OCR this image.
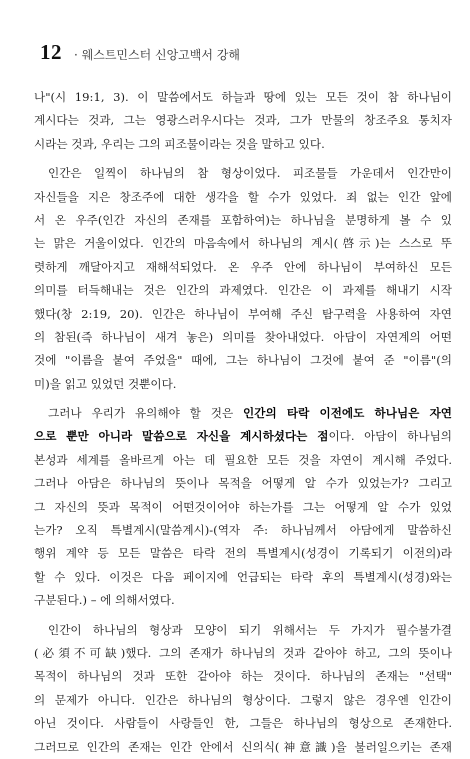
12 · 웨스트민스터 신앙고백서 강해
나"(시 19:1, 3). 이 말씀에서도 하늘과 땅에 있는 모든 것이 참 하나님이
계시다는 것과, 그는 영광스러우시다는 것과, 그가 만물의 창조주요 통치자
시라는 것과, 우리는 그의 피조물이라는 것을 말하고 있다.
인간은 일찍이 하나님의 참 형상이었다. 피조물들 가운데서 인간만이
자신들을 지은 창조주에 대한 생각을 할 수가 있었다. 죄 없는 인간 앞에
서 온 우주(인간 자신의 존재를 포함하여)는 하나님을 분명하게 볼 수 있
는 맑은 거울이었다. 인간의 마음속에서 하나님의 계시(啓示)는 스스로 뚜
렷하게 깨달아지고 재해석되었다. 온 우주 안에 하나님이 부여하신 모든
의미를 터득해내는 것은 인간의 과제였다. 인간은 이 과제를 해내기 시작
했다(창 2:19, 20). 인간은 하나님이 부여해 주신 탐구력을 사용하여 자연
의 참된(즉 하나님이 새겨 놓은) 의미를 찾아내었다. 아담이 자연계의 어떤
것에 "이름을 붙여 주었을" 때에, 그는 하나님이 그것에 붙여 준 "이름"(의
미)을 읽고 있었던 것뿐이다.
그러나 우리가 유의해야 할 것은 인간의 타락 이전에도 하나님은 자연
으로 뿐만 아니라 말씀으로 자신을 계시하셨다는 점이다. 아담이 하나님의
본성과 세계를 올바르게 아는 데 필요한 모든 것을 자연이 계시해 주었다.
그러나 아담은 하나님의 뜻이나 목적을 어떻게 알 수가 있었는가? 그리고
그 자신의 뜻과 목적이 어떤것이어야 하는가를 그는 어떻게 알 수가 있었
는가? 오직 특별계시(말씀계시)-(역자 주: 하나님께서 아담에게 말씀하신
행위 계약 등 모든 말씀은 타락 전의 특별계시(성경이 기록되기 이전의)라
할 수 있다. 이것은 다음 페이지에 언급되는 타락 후의 특별계시(성경)와는
구분된다.) – 에 의해서였다.
인간이 하나님의 형상과 모양이 되기 위해서는 두 가지가 필수불가결
(必須不可缺)했다. 그의 존재가 하나님의 것과 같아야 하고, 그의 뜻이나
목적이 하나님의 것과 또한 같아야 하는 것이다. 하나님의 존재는 "선택"
의 문제가 아니다. 인간은 하나님의 형상이다. 그렇지 않은 경우엔 인간이
아닌 것이다. 사람들이 사랑들인 한, 그들은 하나님의 형상으로 존재한다.
그러므로 인간의 존재는 인간 안에서 신의식(神意識)을 불러일으키는 존재
